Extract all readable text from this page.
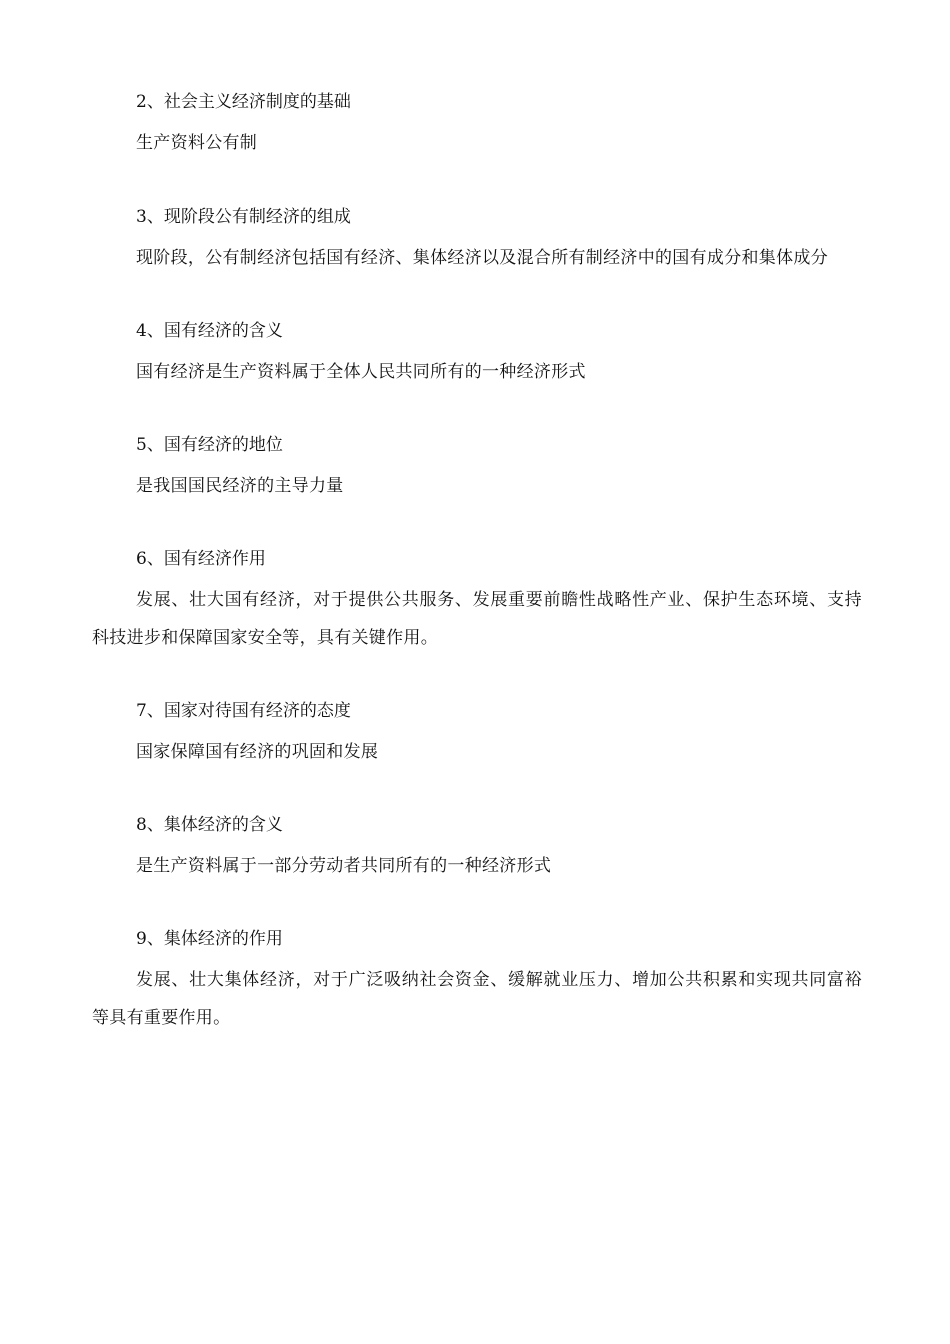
2、社会主义经济制度的基础
生产资料公有制
3、现阶段公有制经济的组成
现阶段，公有制经济包括国有经济、集体经济以及混合所有制经济中的国有成分和集体成分
4、国有经济的含义
国有经济是生产资料属于全体人民共同所有的一种经济形式
5、国有经济的地位
是我国国民经济的主导力量
6、国有经济作用
发展、壮大国有经济，对于提供公共服务、发展重要前瞻性战略性产业、保护生态环境、支持科技进步和保障国家安全等，具有关键作用。
7、国家对待国有经济的态度
国家保障国有经济的巩固和发展
8、集体经济的含义
是生产资料属于一部分劳动者共同所有的一种经济形式
9、集体经济的作用
发展、壮大集体经济，对于广泛吸纳社会资金、缓解就业压力、增加公共积累和实现共同富裕等具有重要作用。
